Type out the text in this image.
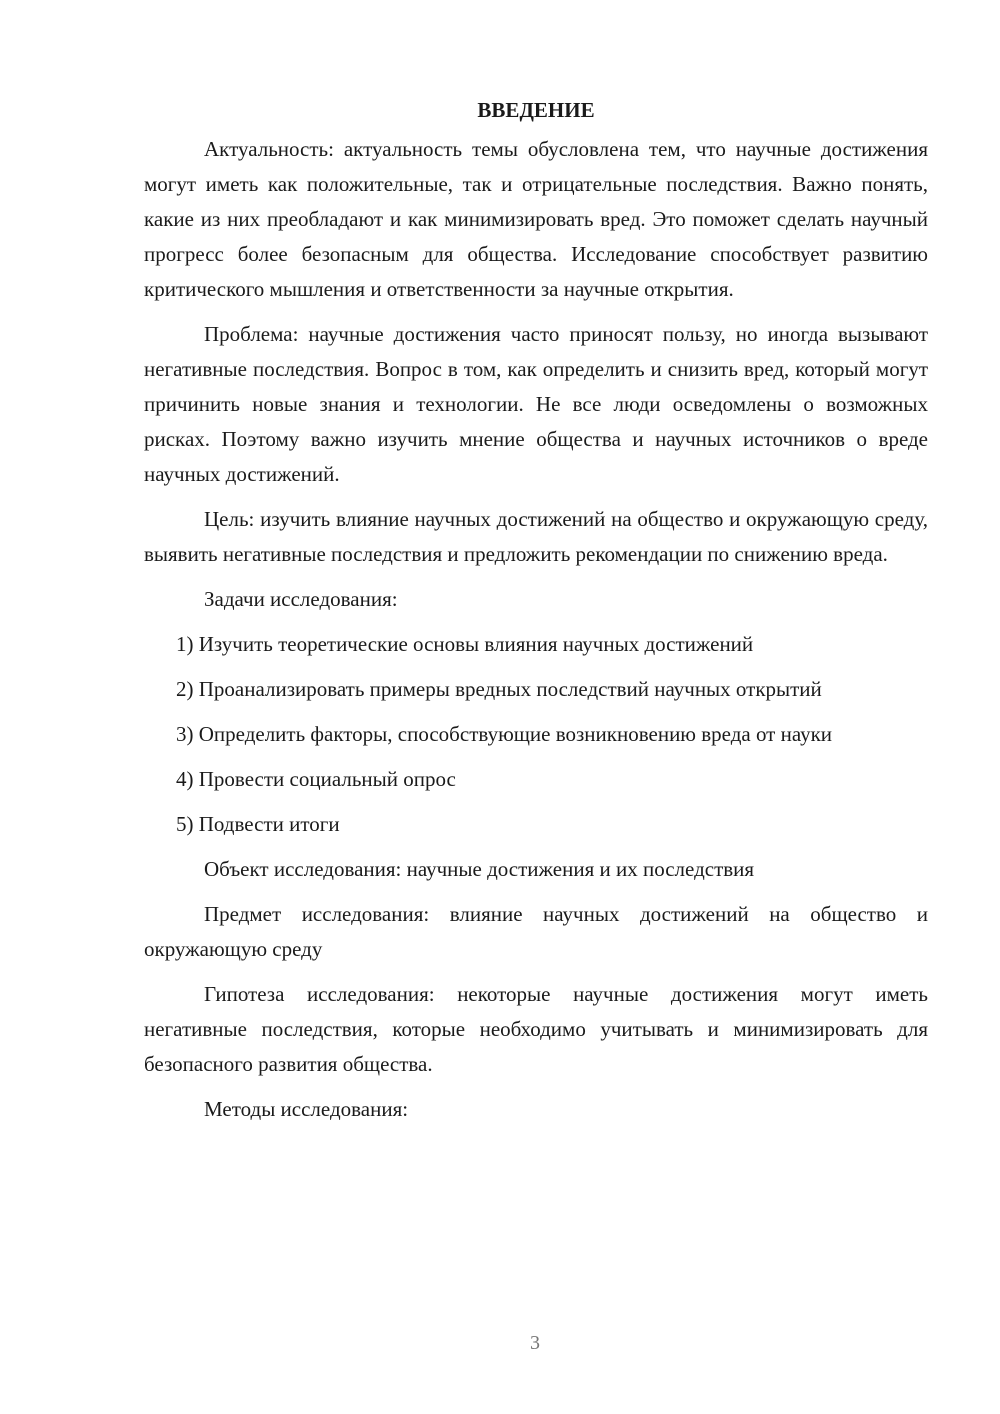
ВВЕДЕНИЕ

Актуальность: актуальность темы обусловлена тем, что научные достижения могут иметь как положительные, так и отрицательные последствия. Важно понять, какие из них преобладают и как минимизировать вред. Это поможет сделать научный прогресс более безопасным для общества. Исследование способствует развитию критического мышления и ответственности за научные открытия.

Проблема: научные достижения часто приносят пользу, но иногда вызывают негативные последствия. Вопрос в том, как определить и снизить вред, который могут причинить новые знания и технологии. Не все люди осведомлены о возможных рисках. Поэтому важно изучить мнение общества и научных источников о вреде научных достижений.

Цель: изучить влияние научных достижений на общество и окружающую среду, выявить негативные последствия и предложить рекомендации по снижению вреда.

Задачи исследования:

1) Изучить теоретические основы влияния научных достижений

2) Проанализировать примеры вредных последствий научных открытий

3) Определить факторы, способствующие возникновению вреда от науки

4) Провести социальный опрос

5) Подвести итоги

Объект исследования: научные достижения и их последствия

Предмет исследования: влияние научных достижений на общество и окружающую среду

Гипотеза исследования: некоторые научные достижения могут иметь негативные последствия, которые необходимо учитывать и минимизировать для безопасного развития общества.

Методы исследования:

3
